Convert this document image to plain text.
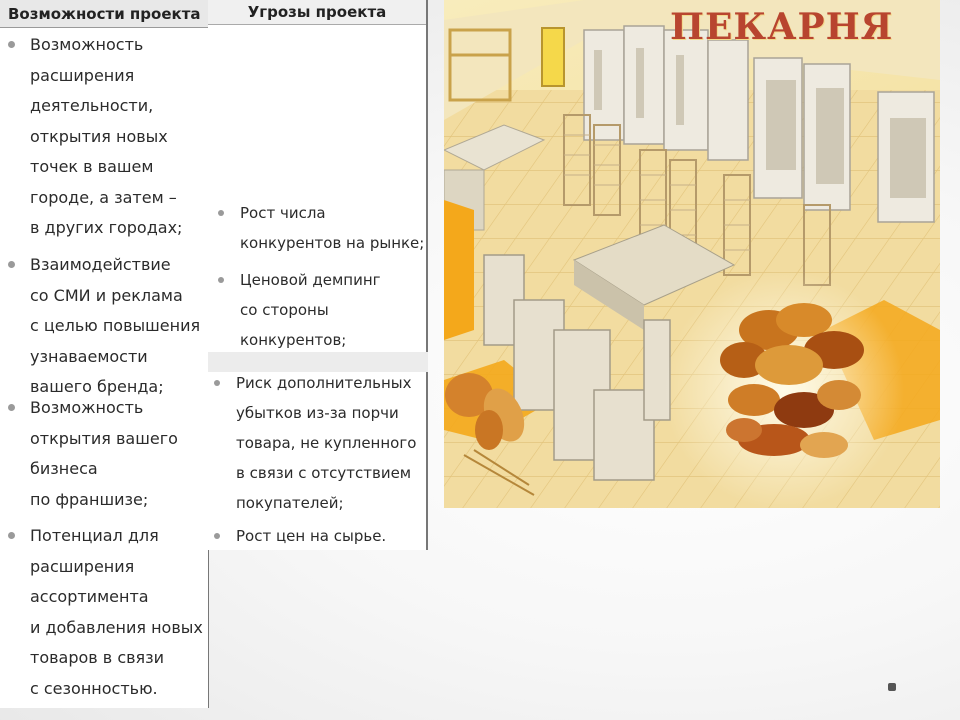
Возможности проекта	Угрозы проекта
Возможность
расширения
деятельности,
открытия новых
точек в вашем
городе, а затем –
в других городах;
Взаимодействие
со СМИ и реклама
с целью повышения
узнаваемости
вашего бренда;
Возможность
открытия вашего
бизнеса
по франшизе;
Потенциал для
расширения
ассортимента
и добавления новых
товаров в связи
с сезонностью.
Рост числа
конкурентов на рынке;
Ценовой демпинг
со стороны
конкурентов;
Риск дополнительных
убытков из-за порчи
товара, не купленного
в связи с отсутствием
покупателей;
Рост цен на сырье.
ПЕКАРНЯ
